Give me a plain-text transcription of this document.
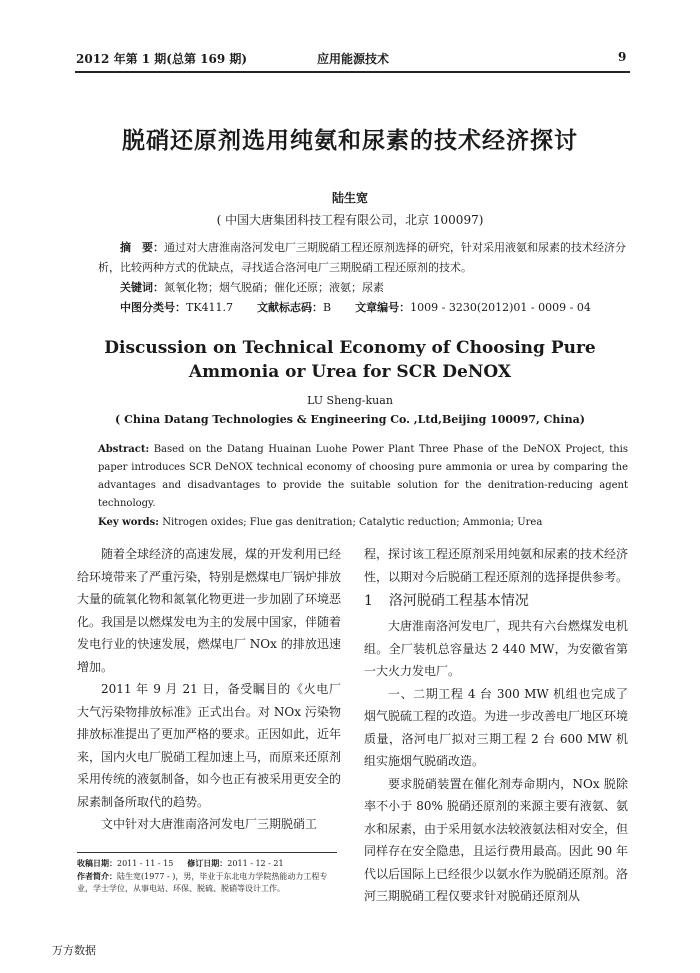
2012 年第 1 期(总第 169 期)	应用能源技术	9
脱硝还原剂选用纯氨和尿素的技术经济探讨
陆生宽
( 中国大唐集团科技工程有限公司，北京 100097)
摘　要：通过对大唐淮南洛河发电厂三期脱硝工程还原剂选择的研究，针对采用液氨和尿素的技术经济分析，比较两种方式的优缺点，寻找适合洛河电厂三期脱硝工程还原剂的技术。
关键词：氮氧化物；烟气脱硝；催化还原；液氨；尿素
中图分类号：TK411.7 文献标志码：B 文章编号：1009 - 3230(2012)01 - 0009 - 04
Discussion on Technical Economy of Choosing Pure
Ammonia or Urea for SCR DeNOX
LU Sheng-kuan
( China Datang Technologies & Engineering Co. ,Ltd,Beijing 100097, China)
Abstract: Based on the Datang Huainan Luohe Power Plant Three Phase of the DeNOX Project, this paper introduces SCR DeNOX technical economy of choosing pure ammonia or urea by comparing the advantages and disadvantages to provide the suitable solution for the denitration-reducing agent technology.
Key words: Nitrogen oxides; Flue gas denitration; Catalytic reduction; Ammonia; Urea

随着全球经济的高速发展，煤的开发利用已经给环境带来了严重污染，特别是燃煤电厂锅炉排放大量的硫氧化物和氮氧化物更进一步加剧了环境恶化。我国是以燃煤发电为主的发展中国家，伴随着发电行业的快速发展，燃煤电厂 NOx 的排放迅速增加。

2011 年 9 月 21 日，备受瞩目的《火电厂大气污染物排放标准》正式出台。对 NOx 污染物排放标准提出了更加严格的要求。正因如此，近年来，国内火电厂脱硝工程加速上马，而原来还原剂采用传统的液氨制备，如今也正有被采用更安全的尿素制备所取代的趋势。

文中针对大唐淮南洛河发电厂三期脱硝工

程，探讨该工程还原剂采用纯氨和尿素的技术经济性，以期对今后脱硝工程还原剂的选择提供参考。

1 洛河脱硝工程基本情况

大唐淮南洛河发电厂，现共有六台燃煤发电机组。全厂装机总容量达 2 440 MW，为安徽省第一大火力发电厂。

一、二期工程 4 台 300 MW 机组也完成了烟气脱硫工程的改造。为进一步改善电厂地区环境质量，洛河电厂拟对三期工程 2 台 600 MW 机组实施烟气脱硝改造。

要求脱硝装置在催化剂寿命期内，NOx 脱除率不小于 80% 脱硝还原剂的来源主要有液氨、氨水和尿素，由于采用氨水法较液氨法相对安全，但同样存在安全隐患，且运行费用最高。因此 90 年代以后国际上已经很少以氨水作为脱硝还原剂。洛河三期脱硝工程仅要求针对脱硝还原剂从

收稿日期：2011 - 11 - 15 修订日期：2011 - 12 - 21
作者简介：陆生宽(1977 - )，男，毕业于东北电力学院热能动力工程专业，学士学位，从事电站、环保、脱硫、脱硝等设计工作。
万方数据
